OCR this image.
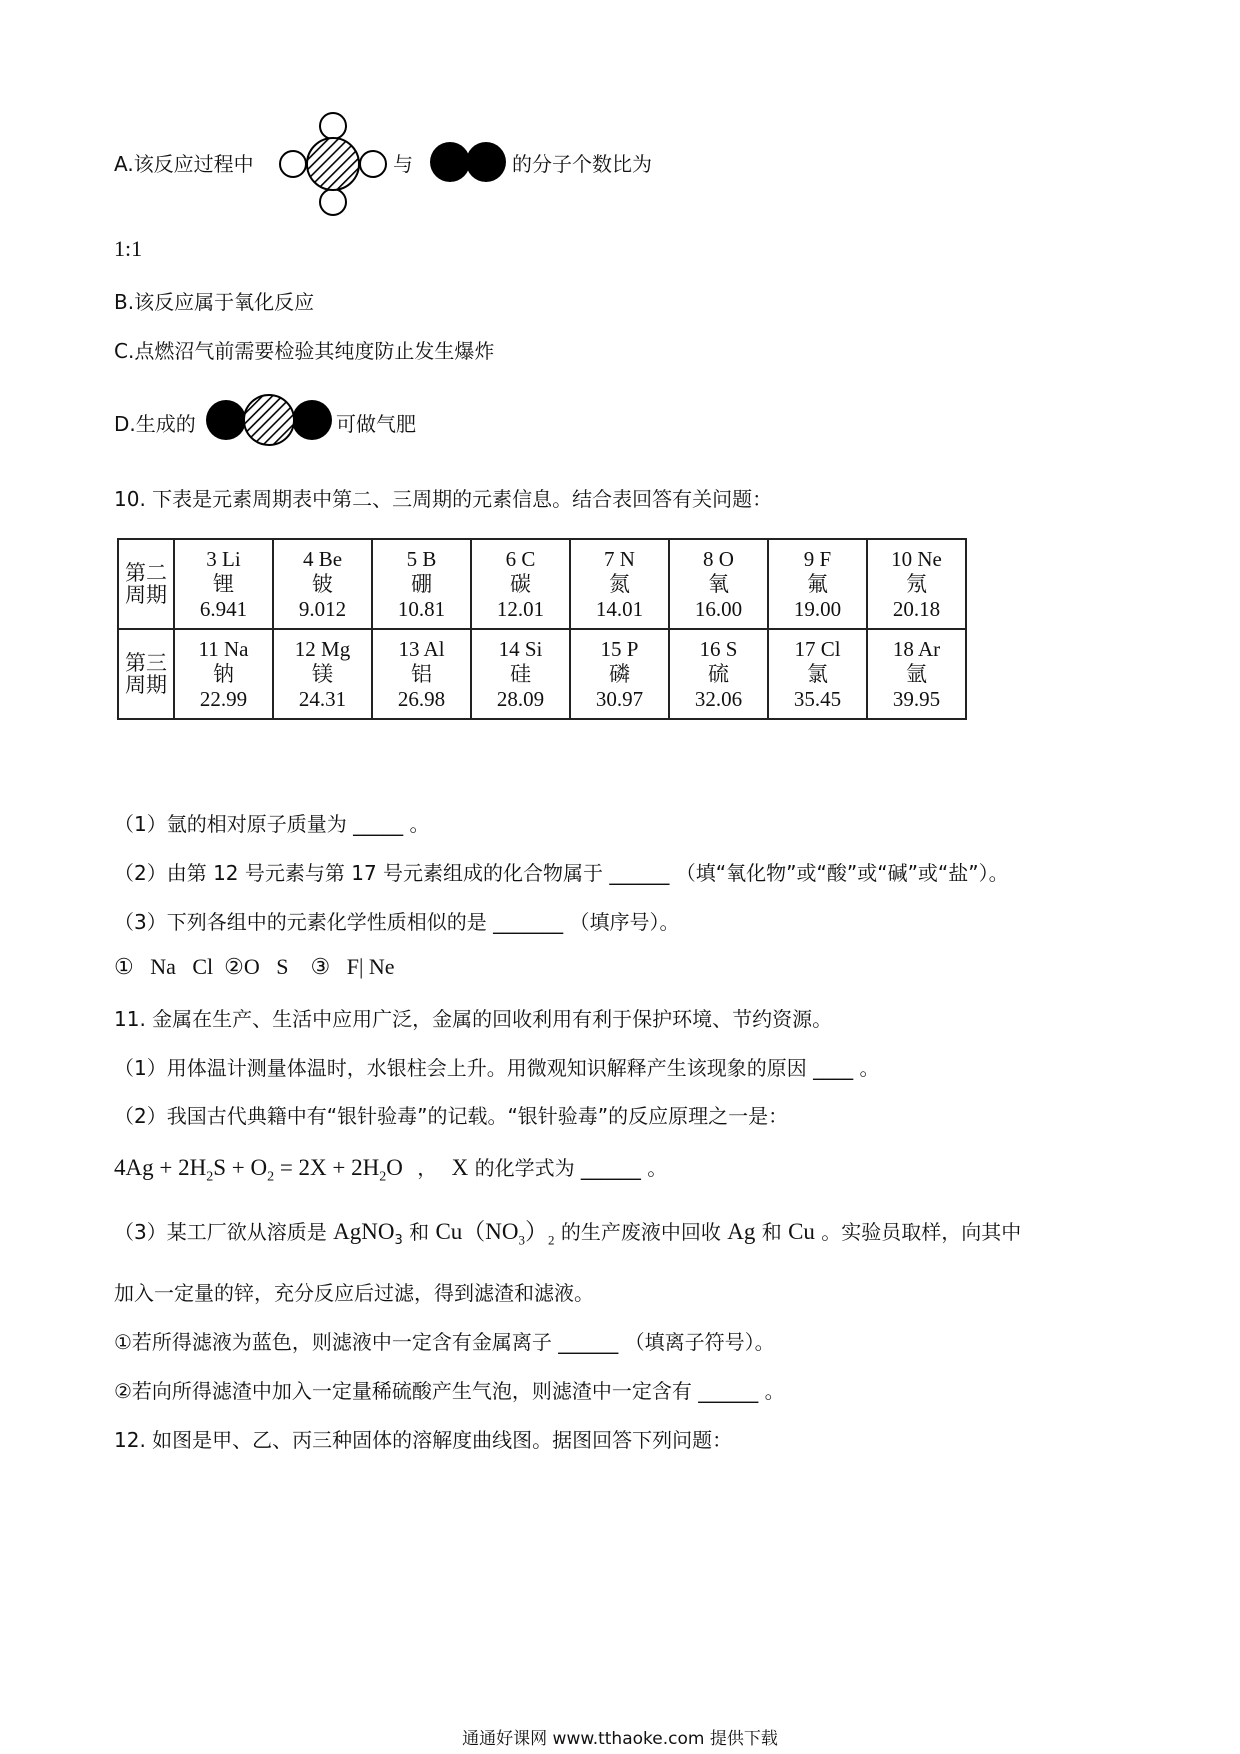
A.该反应过程中	与	的分子个数比为
1:1
B.该反应属于氧化反应
C.点燃沼气前需要检验其纯度防止发生爆炸
D.生成的	可做气肥
10. 下表是元素周期表中第二、三周期的元素信息。结合表回答有关问题：
第二周期	3 Li
锂
6.941	4 Be
铍
9.012	5 B
硼
10.81	6 C
碳
12.01	7 N
氮
14.01	8 O
氧
16.00	9 F
氟
19.00	10 Ne
氖
20.18

第三周期	11 Na
钠
22.99	12 Mg
镁
24.31	13 Al
铝
26.98	14 Si
硅
28.09	15 P
磷
30.97	16 S
硫
32.06	17 Cl
氯
35.45	18 Ar
氩
39.95
（1）氩的相对原子质量为 _____ 。
（2）由第 12 号元素与第 17 号元素组成的化合物属于 ______ （填“氧化物”或“酸”或“碱”或“盐”）。
（3）下列各组中的元素化学性质相似的是 _______ （填序号）。
①   Na   Cl  ②O   S    ③   F| Ne
11. 金属在生产、生活中应用广泛，金属的回收利用有利于保护环境、节约资源。
（1）用体温计测量体温时，水银柱会上升。用微观知识解释产生该现象的原因 ____ 。
（2）我国古代典籍中有“银针验毒”的记载。“银针验毒”的反应原理之一是：
$4Ag + 2H_2S + O_2 = 2X + 2H_2O$ ， X 的化学式为 ______ 。
（3）某工厂欲从溶质是 AgNO$_3$ 和 $Cu(NO_3)_2$ 的生产废液中回收 Ag 和 Cu 。实验员取样，向其中
加入一定量的锌，充分反应后过滤，得到滤渣和滤液。
①若所得滤液为蓝色，则滤液中一定含有金属离子 ______ （填离子符号）。
②若向所得滤渣中加入一定量稀硫酸产生气泡，则滤渣中一定含有 ______ 。
12. 如图是甲、乙、丙三种固体的溶解度曲线图。据图回答下列问题：
通通好课网 www.tthaoke.com 提供下载
